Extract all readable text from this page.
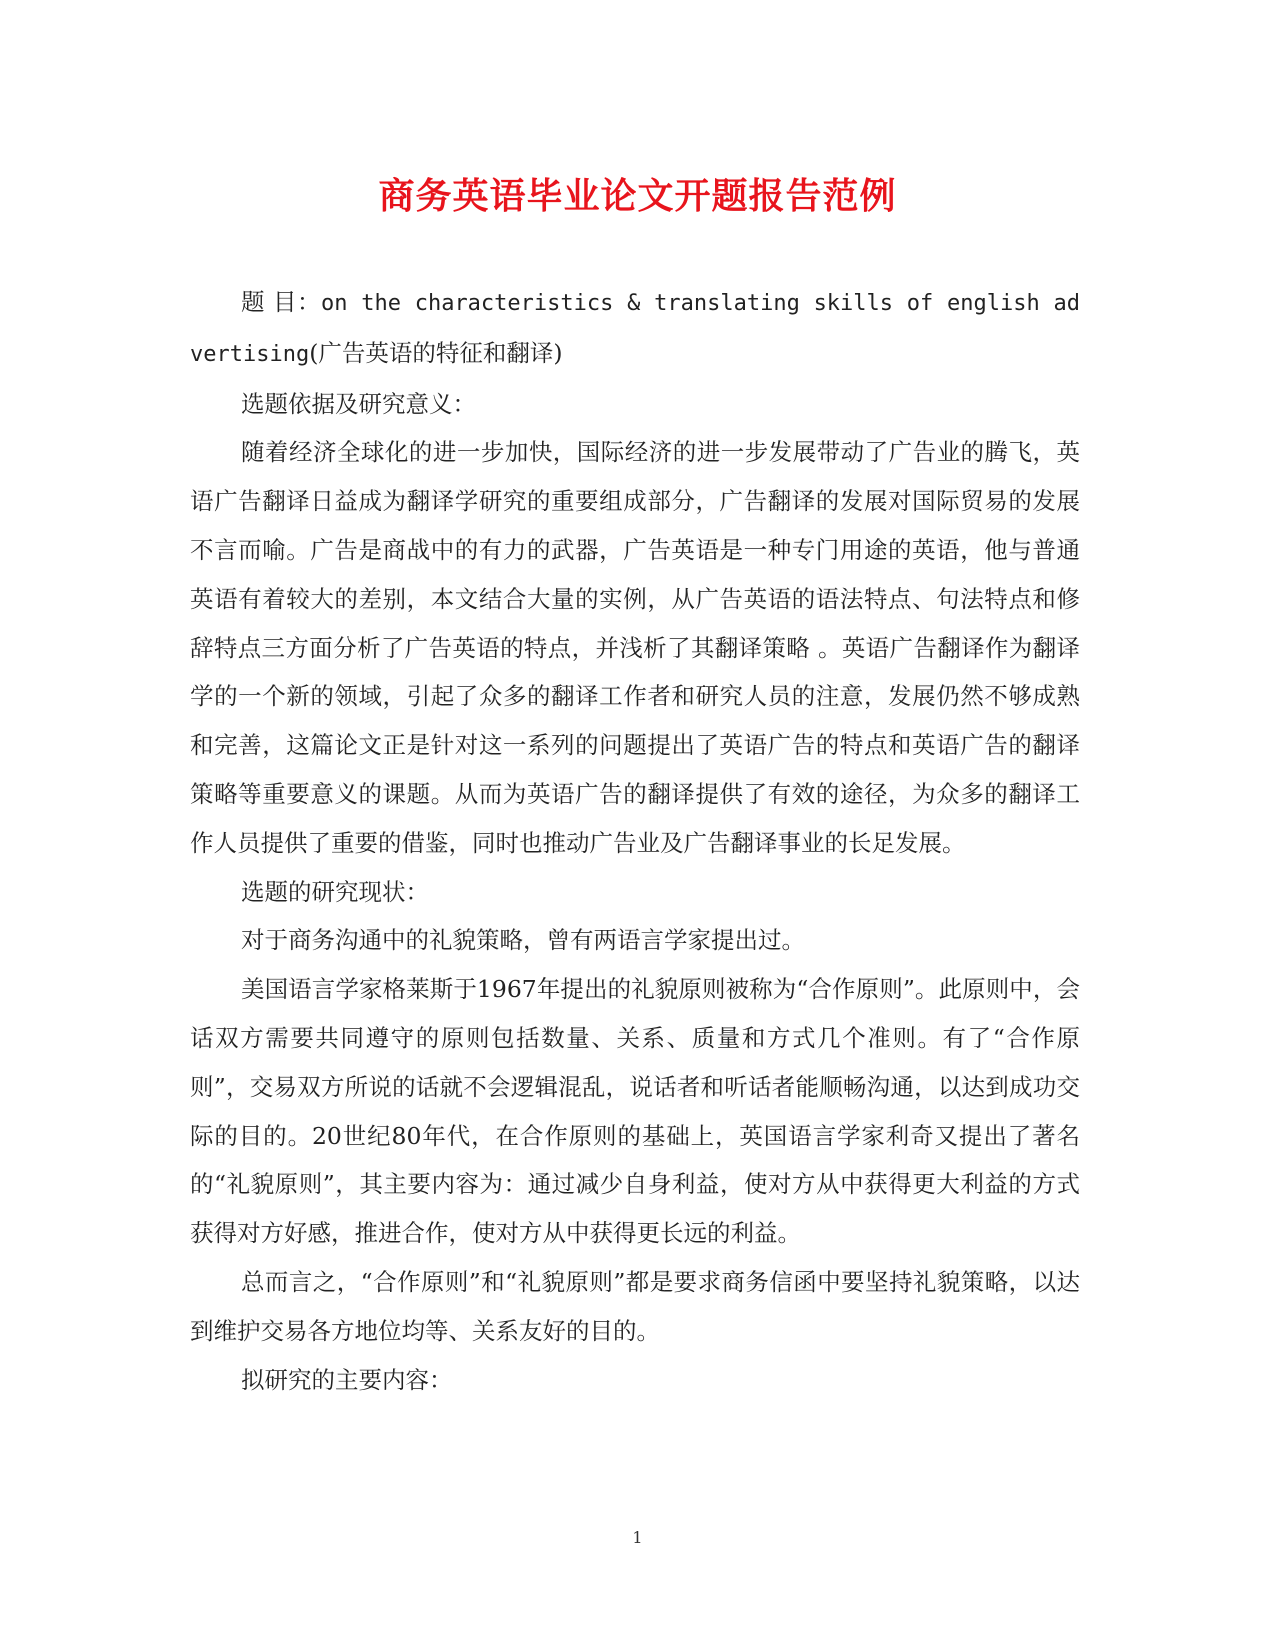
商务英语毕业论文开题报告范例

题 目：on the characteristics & translating skills of english advertising(广告英语的特征和翻译)

选题依据及研究意义：

随着经济全球化的进一步加快，国际经济的进一步发展带动了广告业的腾飞，英语广告翻译日益成为翻译学研究的重要组成部分，广告翻译的发展对国际贸易的发展不言而喻。广告是商战中的有力的武器，广告英语是一种专门用途的英语，他与普通英语有着较大的差别，本文结合大量的实例，从广告英语的语法特点、句法特点和修辞特点三方面分析了广告英语的特点，并浅析了其翻译策略 。英语广告翻译作为翻译学的一个新的领域，引起了众多的翻译工作者和研究人员的注意，发展仍然不够成熟和完善，这篇论文正是针对这一系列的问题提出了英语广告的特点和英语广告的翻译策略等重要意义的课题。从而为英语广告的翻译提供了有效的途径，为众多的翻译工作人员提供了重要的借鉴，同时也推动广告业及广告翻译事业的长足发展。

选题的研究现状：

对于商务沟通中的礼貌策略，曾有两语言学家提出过。

美国语言学家格莱斯于1967年提出的礼貌原则被称为“合作原则”。此原则中，会话双方需要共同遵守的原则包括数量、关系、质量和方式几个准则。有了“合作原则”，交易双方所说的话就不会逻辑混乱，说话者和听话者能顺畅沟通，以达到成功交际的目的。20世纪80年代，在合作原则的基础上，英国语言学家利奇又提出了著名的“礼貌原则”，其主要内容为：通过减少自身利益，使对方从中获得更大利益的方式获得对方好感，推进合作，使对方从中获得更长远的利益。

总而言之，“合作原则”和“礼貌原则”都是要求商务信函中要坚持礼貌策略，以达到维护交易各方地位均等、关系友好的目的。

拟研究的主要内容：

1
